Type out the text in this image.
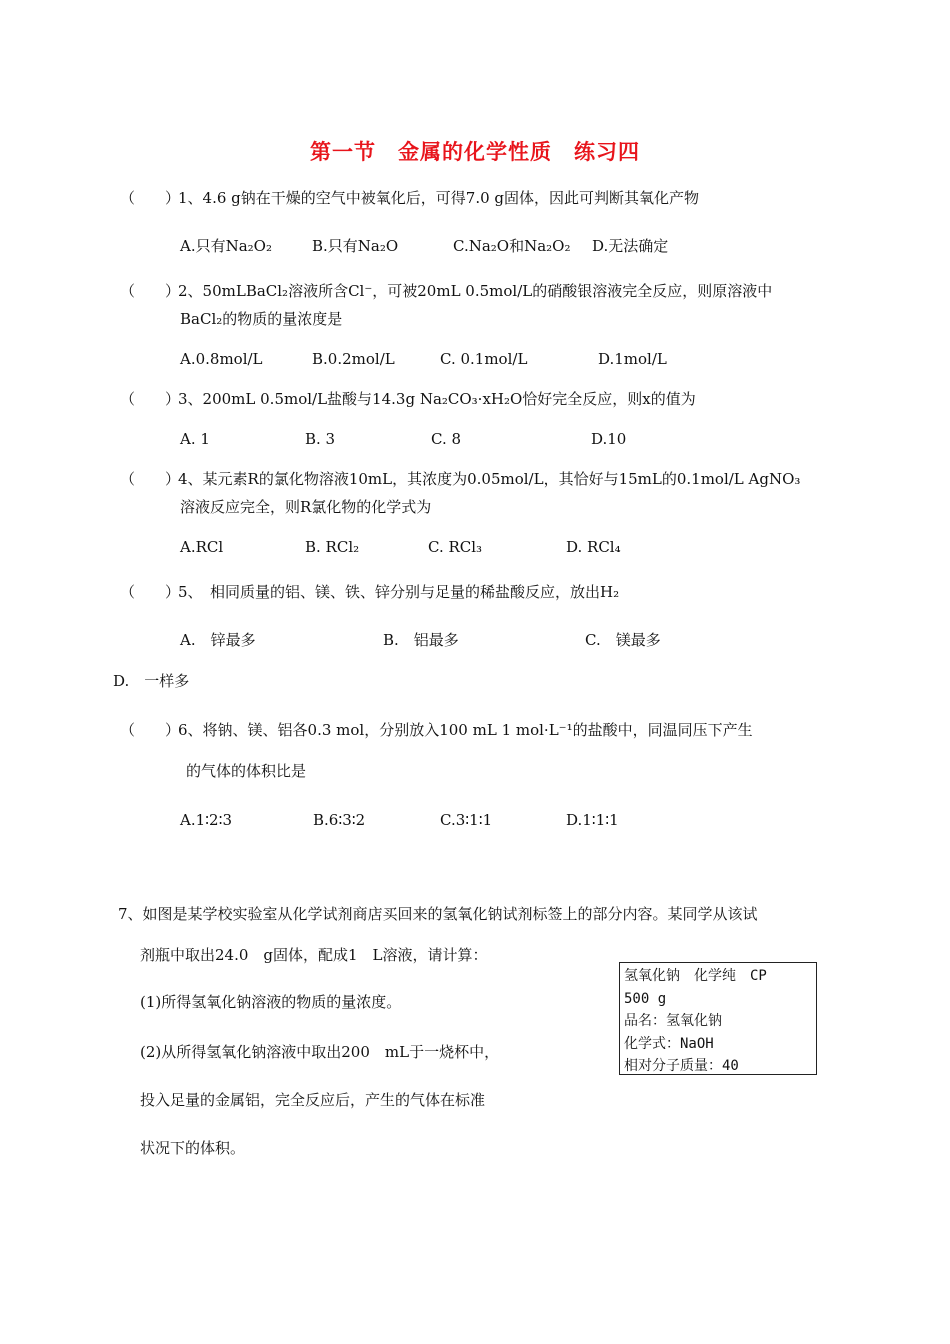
第一节　金属的化学性质　练习四
（　　）1、4.6 g钠在干燥的空气中被氧化后，可得7.0 g固体，因此可判断其氧化产物
A.只有Na₂O₂	B.只有Na₂O	C.Na₂O和Na₂O₂ D.无法确定
（　　）2、50mLBaCl₂溶液所含Cl⁻，可被20mL 0.5mol/L的硝酸银溶液完全反应，则原溶液中
BaCl₂的物质的量浓度是
A.0.8mol/L	B.0.2mol/L	C. 0.1mol/L	D.1mol/L
（　　）3、200mL 0.5mol/L盐酸与14.3g Na₂CO₃·xH₂O恰好完全反应，则x的值为
A. 1	B. 3	C. 8	D.10
（　　）4、某元素R的氯化物溶液10mL，其浓度为0.05mol/L，其恰好与15mL的0.1mol/L AgNO₃
溶液反应完全，则R氯化物的化学式为
A.RCl	B. RCl₂	C. RCl₃	D. RCl₄
（　　）5、　相同质量的铝、镁、铁、锌分别与足量的稀盐酸反应，放出H₂
A.　锌最多	B.　铝最多	C.　镁最多
D.　一样多
（　　）6、将钠、镁、铝各0.3 mol，分别放入100 mL 1 mol·L⁻¹的盐酸中，同温同压下产生
的气体的体积比是
A.1∶2∶3	B.6∶3∶2	C.3∶1∶1	D.1∶1∶1
7、如图是某学校实验室从化学试剂商店买回来的氢氧化钠试剂标签上的部分内容。某同学从该试
剂瓶中取出24.0　g固体，配成1　L溶液，请计算：
(1)所得氢氧化钠溶液的物质的量浓度。
(2)从所得氢氧化钠溶液中取出200　mL于一烧杯中，
投入足量的金属铝，完全反应后，产生的气体在标准
状况下的体积。
氢氧化钠　化学纯　CP
500 g
品名：氢氧化钠
化学式：NaOH
相对分子质量：40
